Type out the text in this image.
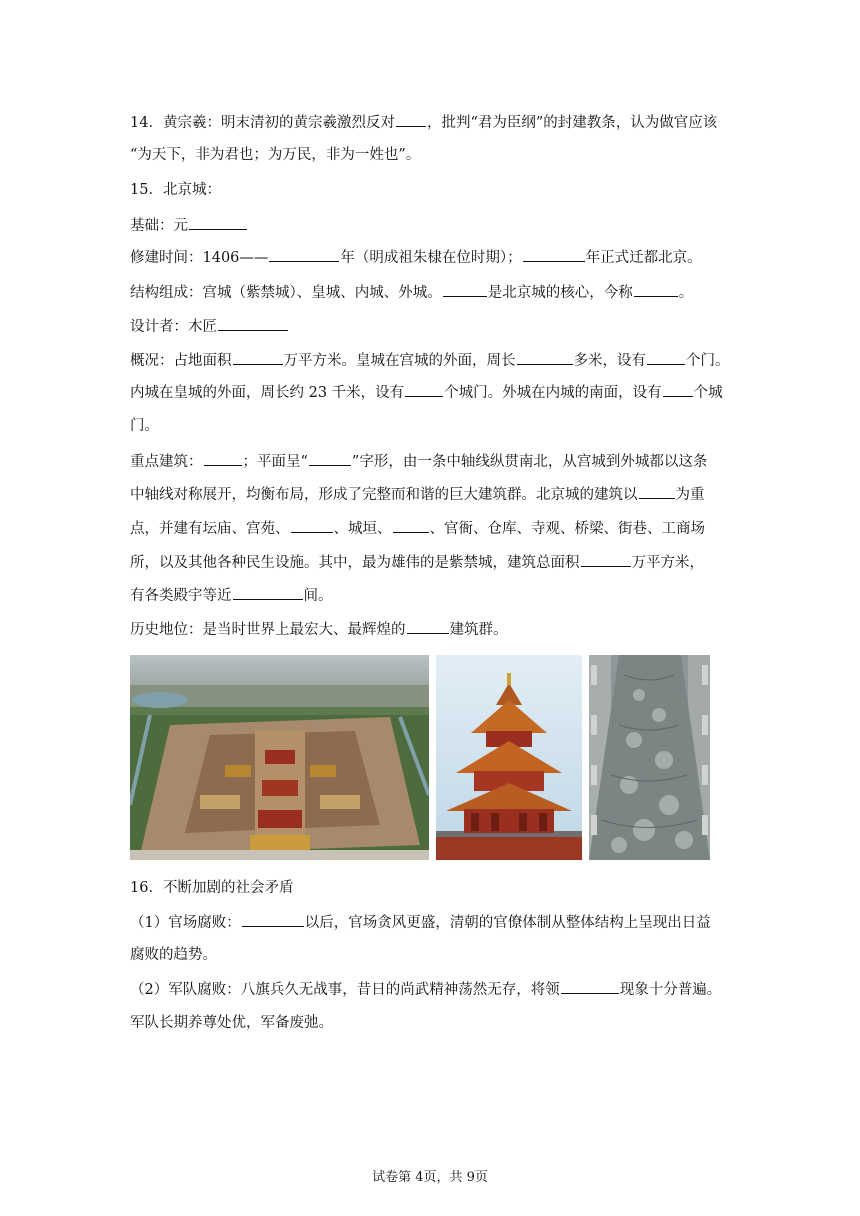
14．黄宗羲：明末清初的黄宗羲激烈反对 ，批判“君为臣纲”的封建教条，认为做官应该
“为天下，非为君也；为万民，非为一姓也”。
15．北京城：
基础：元
修建时间：1406——	年（明成祖朱棣在位时期）；	年正式迁都北京。
结构组成：宫城（紫禁城）、皇城、内城、外城。	是北京城的核心，今称	。
设计者：木匠
概况：占地面积	万平方米。皇城在宫城的外面，周长	多米，设有	个门。
内城在皇城的外面，周长约 23 千米，设有	个城门。外城在内城的南面，设有 个城
门。
重点建筑：	；平面呈“	”字形，由一条中轴线纵贯南北，从宫城到外城都以这条
中轴线对称展开，均衡布局，形成了完整而和谐的巨大建筑群。北京城的建筑以	为重
点，并建有坛庙、宫苑、	、城垣、	、官衙、仓库、寺观、桥梁、街巷、工商场
所，以及其他各种民生设施。其中，最为雄伟的是紫禁城，建筑总面积	万平方米，
有各类殿宇等近	间。
历史地位：是当时世界上最宏大、最辉煌的	建筑群。
16．不断加剧的社会矛盾
（1）官场腐败：	以后，官场贪风更盛，清朝的官僚体制从整体结构上呈现出日益
腐败的趋势。
（2）军队腐败：八旗兵久无战事，昔日的尚武精神荡然无存，将领	现象十分普遍。
军队长期养尊处优，军备废弛。
试卷第 4页，共 9页
